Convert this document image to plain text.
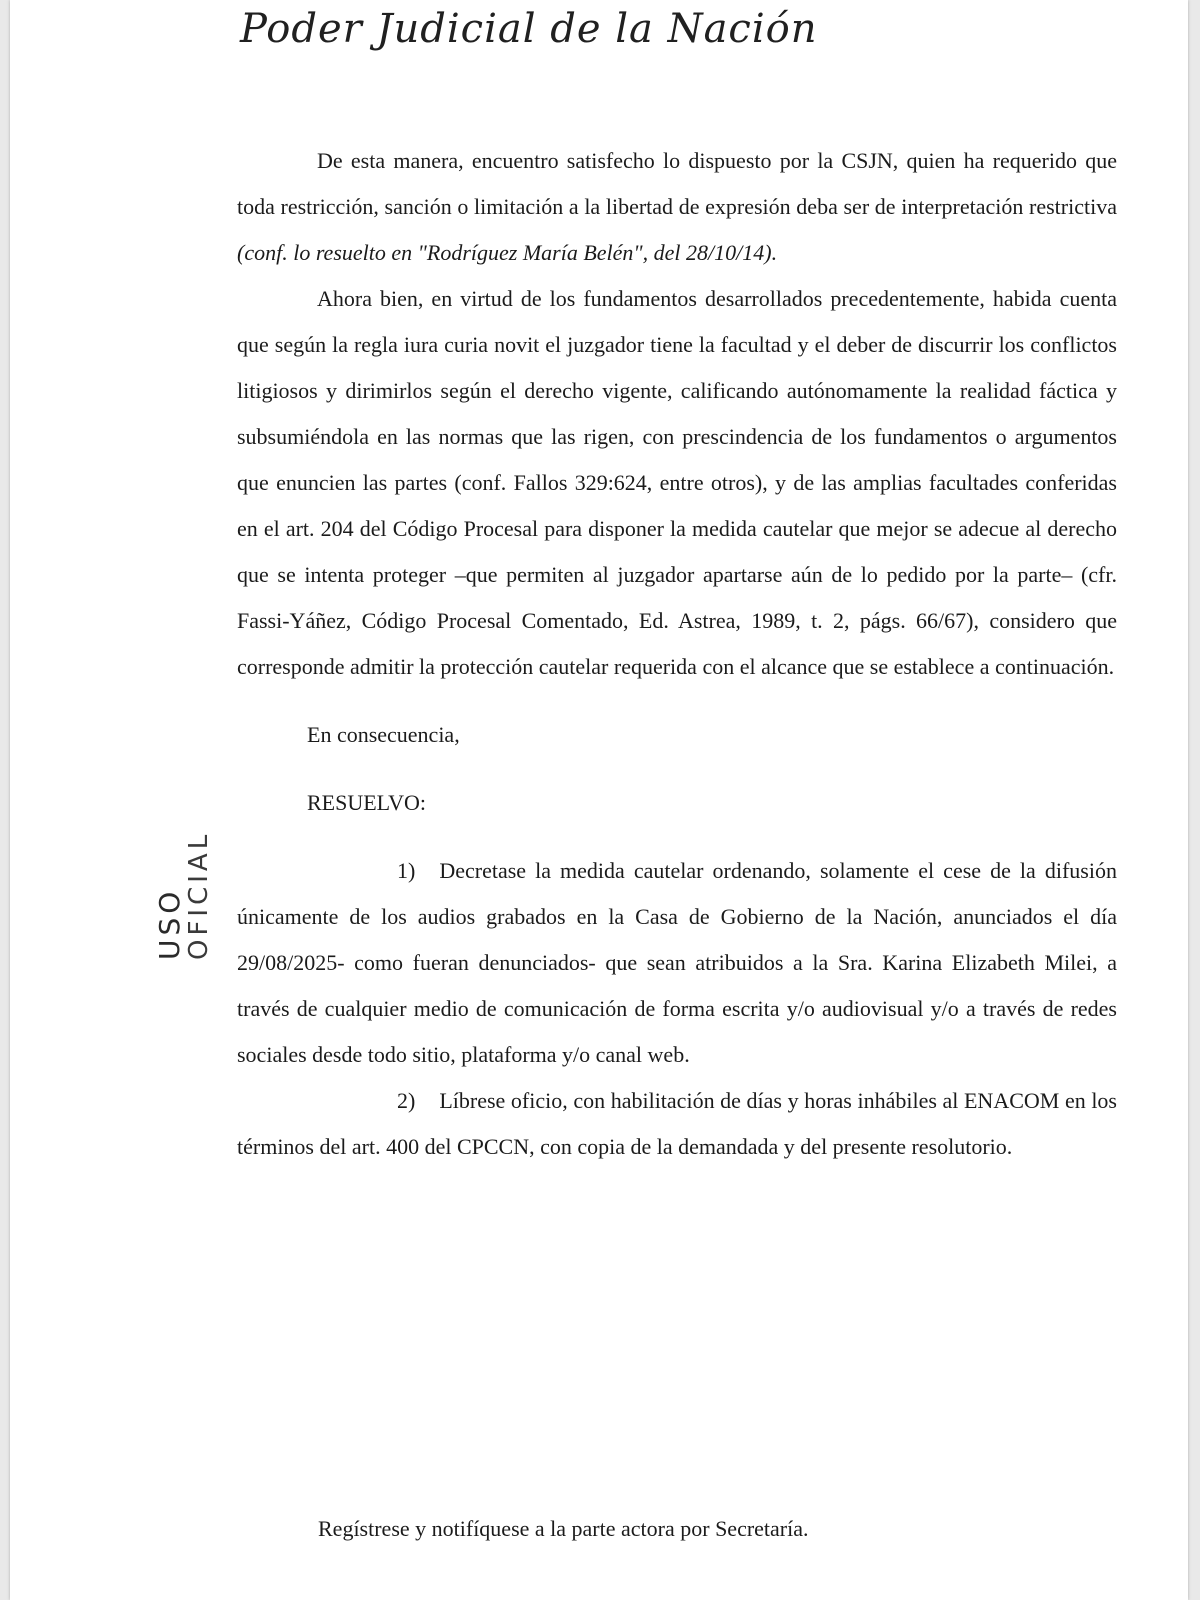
Poder Judicial de la Nación
USO
OFICIAL

De esta manera, encuentro satisfecho lo dispuesto por la CSJN, quien ha requerido que toda restricción, sanción o limitación a la libertad de expresión deba ser de interpretación restrictiva (conf. lo resuelto en "Rodríguez María Belén", del 28/10/14).

Ahora bien, en virtud de los fundamentos desarrollados precedentemente, habida cuenta que según la regla iura curia novit el juzgador tiene la facultad y el deber de discurrir los conflictos litigiosos y dirimirlos según el derecho vigente, calificando autónomamente la realidad fáctica y subsumiéndola en las normas que las rigen, con prescindencia de los fundamentos o argumentos que enuncien las partes (conf. Fallos 329:624, entre otros), y de las amplias facultades conferidas en el art. 204 del Código Procesal para disponer la medida cautelar que mejor se adecue al derecho que se intenta proteger –que permiten al juzgador apartarse aún de lo pedido por la parte– (cfr. Fassi-Yáñez, Código Procesal Comentado, Ed. Astrea, 1989, t. 2, págs. 66/67), considero que corresponde admitir la protección cautelar requerida con el alcance que se establece a continuación.

En consecuencia,

RESUELVO:

1) Decretase la medida cautelar ordenando, solamente el cese de la difusión únicamente de los audios grabados en la Casa de Gobierno de la Nación, anunciados el día 29/08/2025- como fueran denunciados- que sean atribuidos a la Sra. Karina Elizabeth Milei, a través de cualquier medio de comunicación de forma escrita y/o audiovisual y/o a través de redes sociales desde todo sitio, plataforma y/o canal web.

2) Líbrese oficio, con habilitación de días y horas inhábiles al ENACOM en los términos del art. 400 del CPCCN, con copia de la demandada y del presente resolutorio.

Regístrese y notifíquese a la parte actora por Secretaría.
